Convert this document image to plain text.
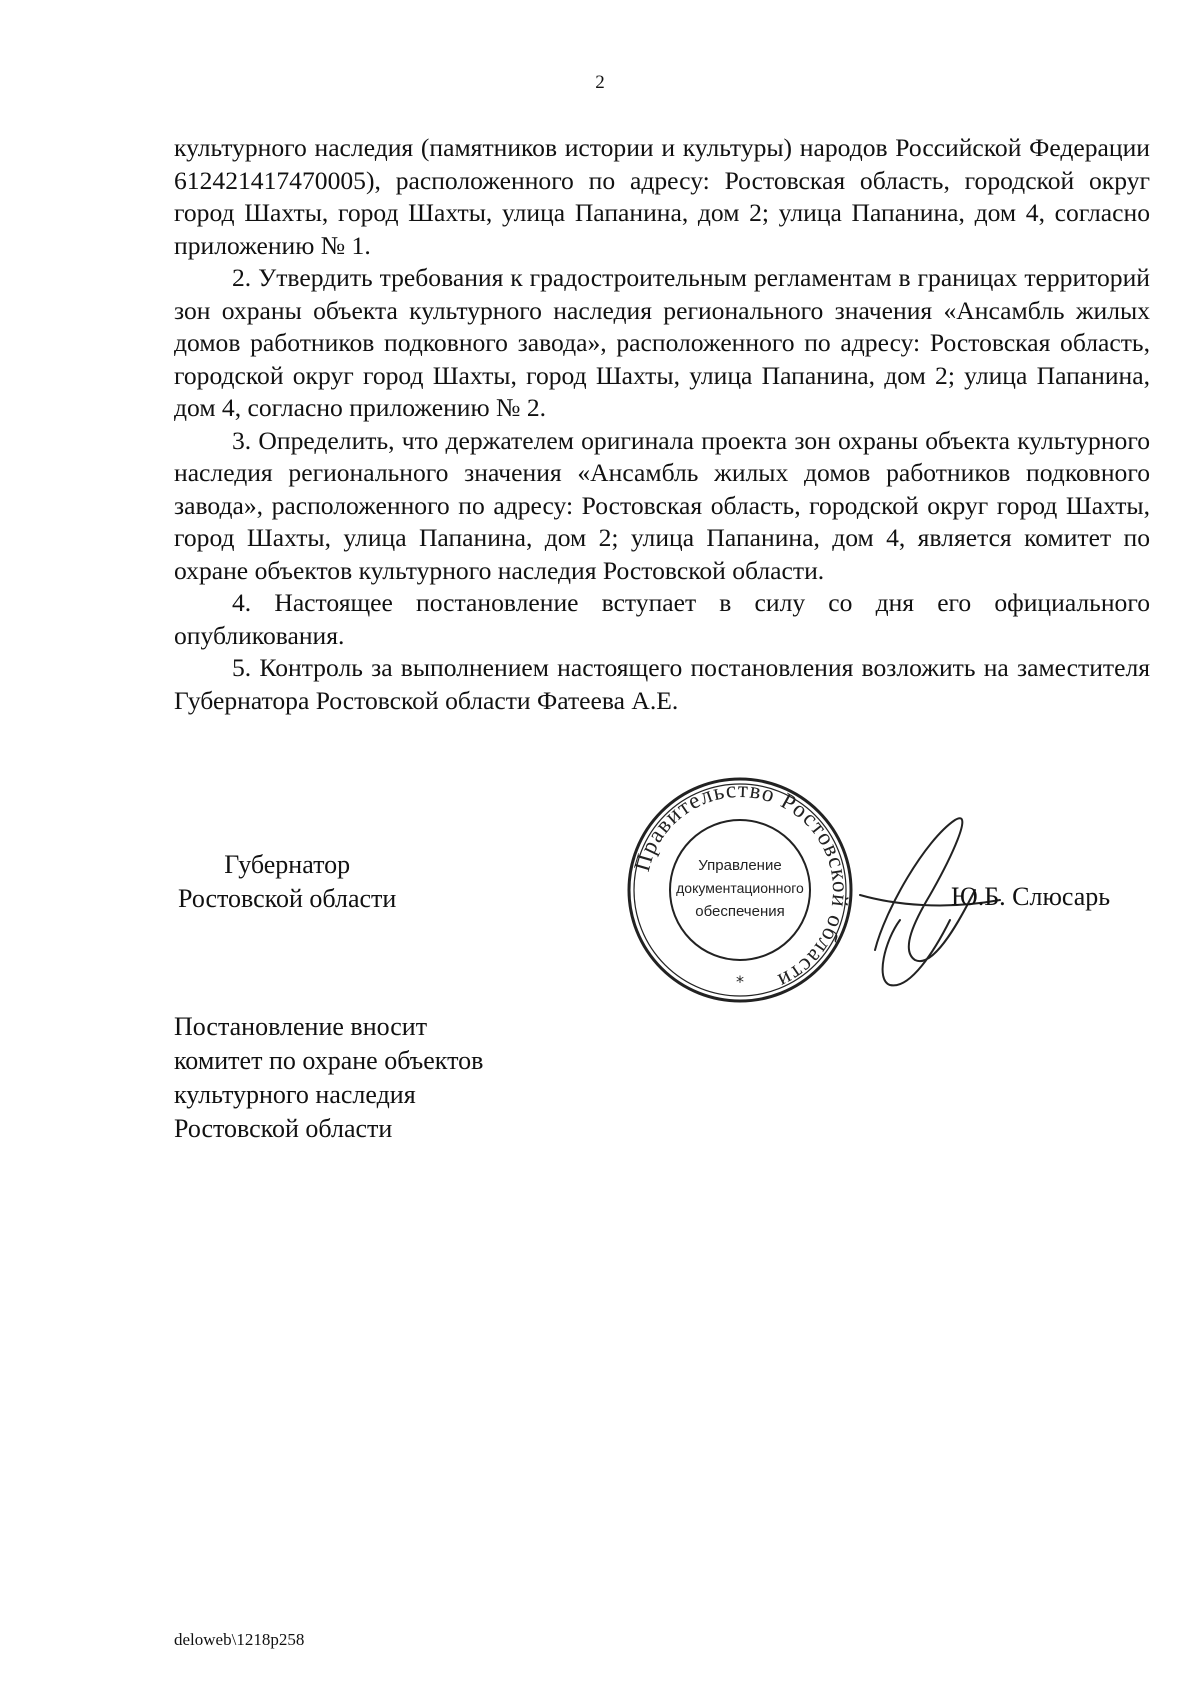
2

культурного наследия (памятников истории и культуры) народов Российской Федерации 612421417470005), расположенного по адресу: Ростовская область, городской округ город Шахты, город Шахты, улица Папанина, дом 2; улица Папанина, дом 4, согласно приложению № 1.

2. Утвердить требования к градостроительным регламентам в границах территорий зон охраны объекта культурного наследия регионального значения «Ансамбль жилых домов работников подковного завода», расположенного по адресу: Ростовская область, городской округ город Шахты, город Шахты, улица Папанина, дом 2; улица Папанина, дом 4, согласно приложению № 2.

3. Определить, что держателем оригинала проекта зон охраны объекта культурного наследия регионального значения «Ансамбль жилых домов работников подковного завода», расположенного по адресу: Ростовская область, городской округ город Шахты, город Шахты, улица Папанина, дом 2; улица Папанина, дом 4, является комитет по охране объектов культурного наследия Ростовской области.

4. Настоящее постановление вступает в силу со дня его официального опубликования.

5. Контроль за выполнением настоящего постановления возложить на заместителя Губернатора Ростовской области Фатеева А.Е.

Губернатор
Ростовской области
Правительство Ростовской области
Управление
документационного
обеспечения
*
Ю.Б. Слюсарь
Постановление вносит
комитет по охране объектов
культурного наследия
Ростовской области
deloweb\1218p258
